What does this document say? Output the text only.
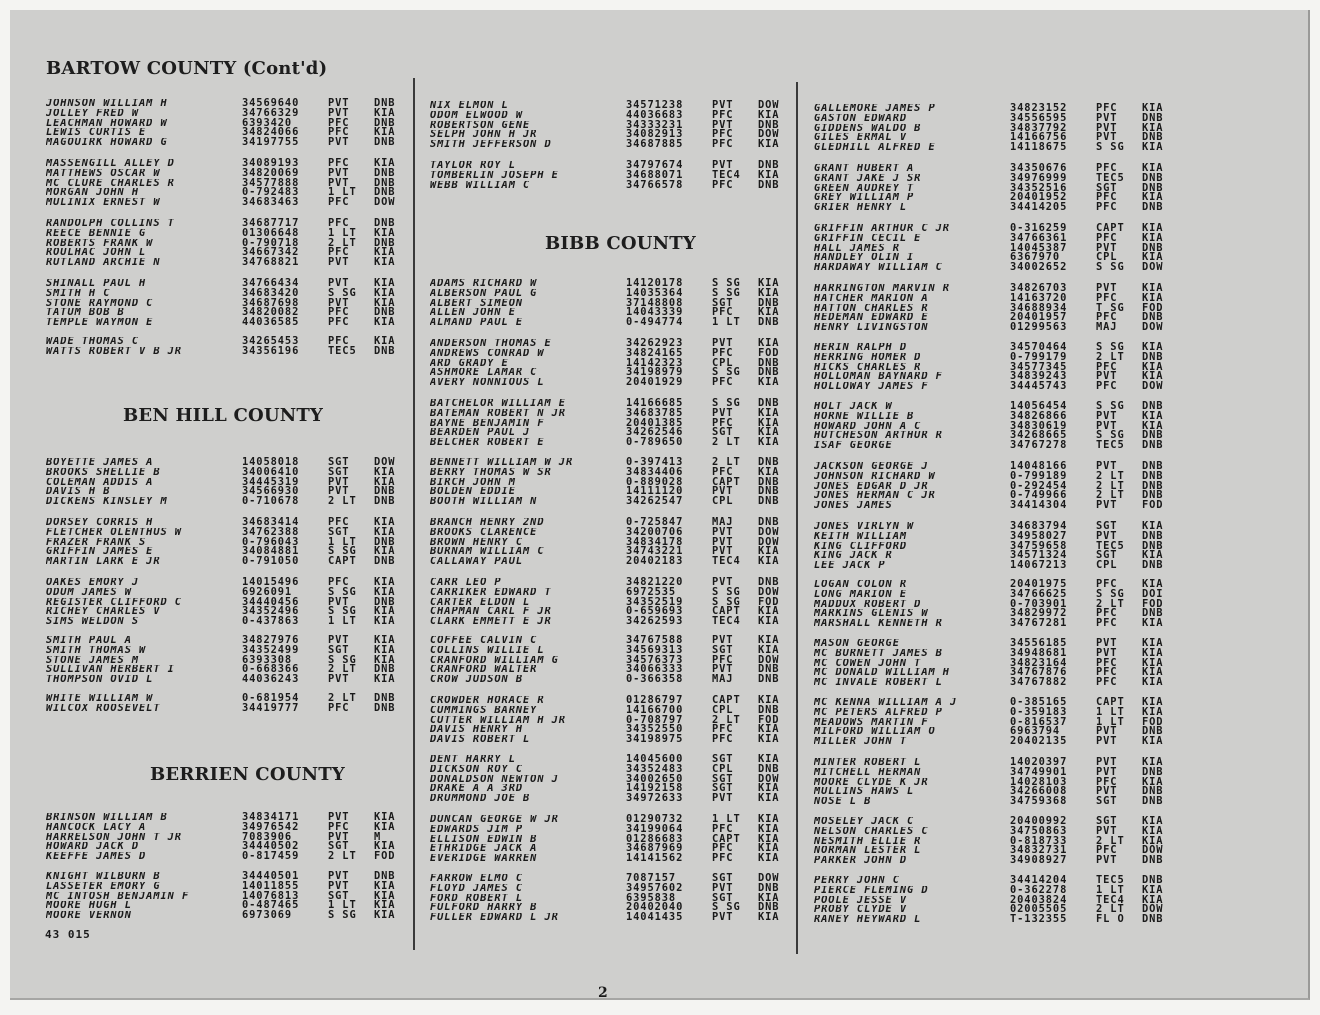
BARTOW COUNTY (Cont'd)
JOHNSON WILLIAM H	34569640	PVT	DNB
JOLLEY FRED W	34766329	PVT	KIA
LEACHMAN HOWARD W	6393420	PFC	DNB
LEWIS CURTIS E	34824066	PFC	KIA
MAGOUIRK HOWARD G	34197755	PVT	DNB
MASSENGILL ALLEY D	34089193	PFC	KIA
MATTHEWS OSCAR W	34820069	PVT	DNB
MC CLURE CHARLES R	34577888	PVT	DNB
MORGAN JOHN H	0-792483	1 LT	DNB
MULINIX ERNEST W	34683463	PFC	DOW
RANDOLPH COLLINS T	34687717	PFC	DNB
REECE BENNIE G	01306648	1 LT	KIA
ROBERTS FRANK W	0-790718	2 LT	DNB
ROULHAC JOHN L	34667342	PFC	KIA
RUTLAND ARCHIE N	34768821	PVT	KIA
SHINALL PAUL H	34766434	PVT	KIA
SMITH H C	34683420	S SG	KIA
STONE RAYMOND C	34687698	PVT	KIA
TATUM BOB B	34820082	PFC	DNB
TEMPLE WAYMON E	44036585	PFC	KIA
WADE THOMAS C	34265453	PFC	KIA
WATTS ROBERT V B JR	34356196	TEC5	DNB
BEN HILL COUNTY
BOYETTE JAMES A	14058018	SGT	DOW
BROOKS SHELLIE B	34006410	SGT	KIA
COLEMAN ADDIS A	34445319	PVT	KIA
DAVIS H B	34566930	PVT	DNB
DICKENS KINSLEY M	0-710678	2 LT	DNB
DORSEY CORRIS H	34683414	PFC	KIA
FLETCHER OLENTHUS W	34762388	SGT	KIA
FRAZER FRANK S	0-796043	1 LT	DNB
GRIFFIN JAMES E	34084881	S SG	KIA
MARTIN LARK E JR	0-791050	CAPT	DNB
OAKES EMORY J	14015496	PFC	KIA
ODUM JAMES W	6926091	S SG	KIA
REGISTER CLIFFORD C	34440456	PVT	DNB
RICHEY CHARLES V	34352496	S SG	KIA
SIMS WELDON S	0-437863	1 LT	KIA
SMITH PAUL A	34827976	PVT	KIA
SMITH THOMAS W	34352499	SGT	KIA
STONE JAMES M	6393308	S SG	KIA
SULLIVAN HERBERT I	0-668366	2 LT	DNB
THOMPSON OVID L	44036243	PVT	KIA
WHITE WILLIAM W	0-681954	2 LT	DNB
WILCOX ROOSEVELT	34419777	PFC	DNB
BERRIEN COUNTY
BRINSON WILLIAM B	34834171	PVT	KIA
HANCOCK LACY A	34976542	PFC	KIA
HARRELSON JOHN T JR	7083906	PVT	M
HOWARD JACK D	34440502	SGT	KIA
KEEFFE JAMES D	0-817459	2 LT	FOD
KNIGHT WILBURN B	34440501	PVT	DNB
LASSETER EMORY G	14011855	PVT	KIA
MC INTOSH BENJAMIN F	14076813	SGT	KIA
MOORE HUGH L	0-487465	1 LT	KIA
MOORE VERNON	6973069	S SG	KIA
NIX ELMON L	34571238	PVT	DOW
ODOM ELWOOD W	44036683	PFC	KIA
ROBERTSON GENE	34333231	PVT	DNB
SELPH JOHN H JR	34082913	PFC	DOW
SMITH JEFFERSON D	34687885	PFC	KIA
TAYLOR ROY L	34797674	PVT	DNB
TOMBERLIN JOSEPH E	34688071	TEC4	KIA
WEBB WILLIAM C	34766578	PFC	DNB
BIBB COUNTY
ADAMS RICHARD W	14120178	S SG	KIA
ALBERSON PAUL G	14035364	S SG	KIA
ALBERT SIMEON	37148808	SGT	DNB
ALLEN JOHN E	14043339	PFC	KIA
ALMAND PAUL E	0-494774	1 LT	DNB
ANDERSON THOMAS E	34262923	PVT	KIA
ANDREWS CONRAD W	34824165	PFC	FOD
ARD GRADY E	14142323	CPL	DNB
ASHMORE LAMAR C	34198979	S SG	DNB
AVERY NONNIOUS L	20401929	PFC	KIA
BATCHELOR WILLIAM E	14166685	S SG	DNB
BATEMAN ROBERT N JR	34683785	PVT	KIA
BAYNE BENJAMIN F	20401385	PFC	KIA
BEARDEN PAUL J	34262546	SGT	KIA
BELCHER ROBERT E	0-789650	2 LT	KIA
BENNETT WILLIAM W JR	0-397413	2 LT	DNB
BERRY THOMAS W SR	34834406	PFC	KIA
BIRCH JOHN M	0-889028	CAPT	DNB
BOLDEN EDDIE	14111120	PVT	DNB
BOOTH WILLIAM N	34262547	CPL	DNB
BRANCH HENRY 2ND	0-725847	MAJ	DNB
BROOKS CLARENCE	34200706	PVT	DOW
BROWN HENRY C	34834178	PVT	DOW
BURNAM WILLIAM C	34743221	PVT	KIA
CALLAWAY PAUL	20402183	TEC4	KIA
CARR LEO P	34821220	PVT	DNB
CARRIKER EDWARD T	6972535	S SG	DOW
CARTER ELDON L	34352519	S SG	FOD
CHAPMAN CARL F JR	0-659693	CAPT	KIA
CLARK EMMETT E JR	34262593	TEC4	KIA
COFFEE CALVIN C	34767588	PVT	KIA
COLLINS WILLIE L	34569313	SGT	KIA
CRANFORD WILLIAM G	34576373	PFC	DOW
CRANFORD WALTER	34066333	PVT	DNB
CROW JUDSON B	0-366358	MAJ	DNB
CROWDER HORACE R	01286797	CAPT	KIA
CUMMINGS BARNEY	14166700	CPL	DNB
CUTTER WILLIAM H JR	0-708797	2 LT	FOD
DAVIS HENRY H	34352550	PFC	KIA
DAVIS ROBERT L	34198975	PFC	KIA
DENT HARRY L	14045600	SGT	KIA
DICKSON ROY C	34352483	CPL	DNB
DONALDSON NEWTON J	34002650	SGT	DOW
DRAKE A A 3RD	14192158	SGT	KIA
DRUMMOND JOE B	34972633	PVT	KIA
DUNCAN GEORGE W JR	01290732	1 LT	KIA
EDWARDS JIM P	34199064	PFC	KIA
ELLISON EDWIN B	01286683	CAPT	KIA
ETHRIDGE JACK A	34687969	PFC	KIA
EVERIDGE WARREN	14141562	PFC	KIA
FARROW ELMO C	7087157	SGT	DOW
FLOYD JAMES C	34957602	PVT	DNB
FORD ROBERT L	6395838	SGT	KIA
FULFORD HARRY B	20402040	S SG	DNB
FULLER EDWARD L JR	14041435	PVT	KIA
GALLEMORE JAMES P	34823152	PFC	KIA
GASTON EDWARD	34556595	PVT	DNB
GIDDENS WALDO B	34837792	PVT	KIA
GILES ERMAL V	14166756	PVT	DNB
GLEDHILL ALFRED E	14118675	S SG	KIA
GRANT HUBERT A	34350676	PFC	KIA
GRANT JAKE J SR	34976999	TEC5	DNB
GREEN AUDREY T	34352516	SGT	DNB
GREY WILLIAM P	20401952	PFC	KIA
GRIER HENRY L	34414205	PFC	DNB
GRIFFIN ARTHUR C JR	0-316259	CAPT	KIA
GRIFFIN CECIL E	34766361	PFC	KIA
HALL JAMES R	14045387	PVT	DNB
HANDLEY OLIN I	6367970	CPL	KIA
HARDAWAY WILLIAM C	34002652	S SG	DOW
HARRINGTON MARVIN R	34826703	PVT	KIA
HATCHER MARION A	14163720	PFC	KIA
HATTON CHARLES R	34688934	T SG	FOD
HEDEMAN EDWARD E	20401957	PFC	DNB
HENRY LIVINGSTON	01299563	MAJ	DOW
HERIN RALPH D	34570464	S SG	KIA
HERRING HOMER D	0-799179	2 LT	DNB
HICKS CHARLES R	34577345	PFC	KIA
HOLLOMAN BAYNARD F	34839243	PVT	KIA
HOLLOWAY JAMES F	34445743	PFC	DOW
HOLT JACK W	14056454	S SG	DNB
HORNE WILLIE B	34826866	PVT	KIA
HOWARD JOHN A C	34830619	PVT	KIA
HUTCHESON ARTHUR R	34268665	S SG	DNB
ISAF GEORGE	34767278	TEC5	DNB
JACKSON GEORGE J	14048166	PVT	DNB
JOHNSON RICHARD W	0-799189	2 LT	DNB
JONES EDGAR D JR	0-292454	2 LT	DNB
JONES HERMAN C JR	0-749966	2 LT	DNB
JONES JAMES	34414304	PVT	FOD
JONES VIRLYN W	34683794	SGT	KIA
KEITH WILLIAM	34958027	PVT	DNB
KING CLIFFORD	34759658	TEC5	DNB
KING JACK R	34571324	SGT	KIA
LEE JACK P	14067213	CPL	DNB
LOGAN COLON R	20401975	PFC	KIA
LONG MARION E	34766625	S SG	DOI
MADDUX ROBERT D	0-703901	2 LT	FOD
MARKINS GLENIS W	34829972	PFC	DNB
MARSHALL KENNETH R	34767281	PFC	KIA
MASON GEORGE	34556185	PVT	KIA
MC BURNETT JAMES B	34948681	PVT	KIA
MC COWEN JOHN T	34823164	PFC	KIA
MC DONALD WILLIAM H	34767876	PFC	KIA
MC INVALE ROBERT L	34767882	PFC	KIA
MC KENNA WILLIAM A J	0-385165	CAPT	KIA
MC PETERS ALFRED P	0-359183	1 LT	KIA
MEADOWS MARTIN F	0-816537	1 LT	FOD
MILFORD WILLIAM O	6963794	PVT	DNB
MILLER JOHN T	20402135	PVT	KIA
MINTER ROBERT L	14020397	PVT	KIA
MITCHELL HERMAN	34749901	PVT	DNB
MOORE CLYDE K JR	14028103	PFC	KIA
MULLINS HAWS L	34266008	PVT	DNB
NOSE L B	34759368	SGT	DNB
MOSELEY JACK C	20400992	SGT	KIA
NELSON CHARLES C	34750863	PVT	KIA
NESMITH ELLIE R	0-818733	2 LT	KIA
NORMAN LESTER L	34832731	PFC	DOW
PARKER JOHN D	34908927	PVT	DNB
PERRY JOHN C	34414204	TEC5	DNB
PIERCE FLEMING D	0-362278	1 LT	KIA
POOLE JESSE V	20403824	TEC4	KIA
PROBY CLYDE V	02005505	2 LT	DOW
RANEY HEYWARD L	T-132355	FL O	DNB
43 015
2
